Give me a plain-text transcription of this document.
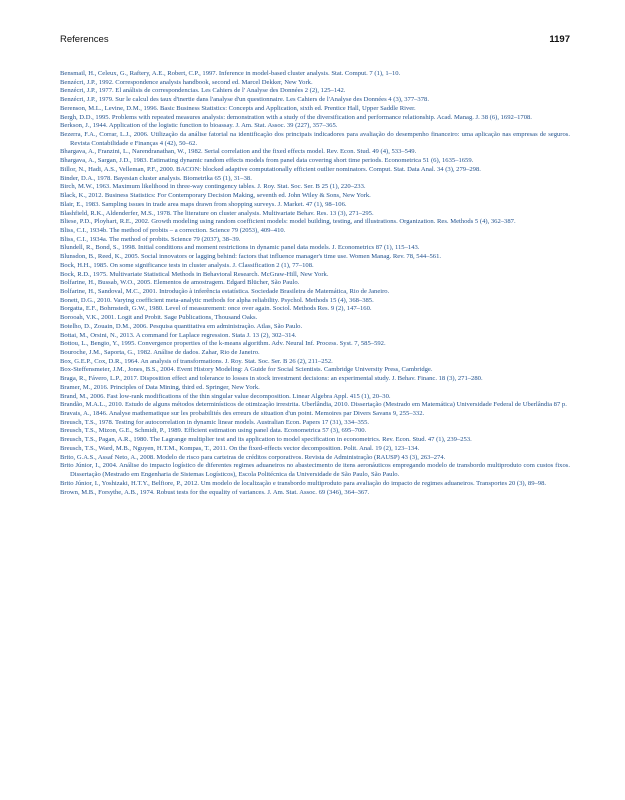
References	1197

Bensmail, H., Celeux, G., Raftery, A.E., Robert, C.P., 1997. Inference in model-based cluster analysis. Stat. Comput. 7 (1), 1–10.

Benzécri, J.P., 1992. Correspondence analysis handbook, second ed. Marcel Dekker, New York.

Benzécri, J.P., 1977. El análisis de correspondencias. Les Cahiers de l' Analyse des Données 2 (2), 125–142.

Benzécri, J.P., 1979. Sur le calcul des taux d'inertie dans l'analyse d'un questionnaire. Les Cahiers de l'Analyse des Données 4 (3), 377–378.

Berenson, M.L., Levine, D.M., 1996. Basic Business Statistics: Concepts and Application, sixth ed. Prentice Hall, Upper Saddle River.

Bergh, D.D., 1995. Problems with repeated measures analysis: demonstration with a study of the diversification and performance relationship. Acad. Manag. J. 38 (6), 1692–1708.

Berkson, J., 1944. Application of the logistic function to bioassay. J. Am. Stat. Assoc. 39 (227), 357–365.

Bezerra, F.A., Corrar, L.J., 2006. Utilização da análise fatorial na identificação dos principais indicadores para avaliação do desempenho financeiro: uma aplicação nas empresas de seguros. Revista Contabilidade e Finanças 4 (42), 50–62.

Bhargava, A., Franzini, L., Narendranathan, W., 1982. Serial correlation and the fixed effects model. Rev. Econ. Stud. 49 (4), 533–549.

Bhargava, A., Sargan, J.D., 1983. Estimating dynamic random effects models from panel data covering short time periods. Econometrica 51 (6), 1635–1659.

Billor, N., Hadi, A.S., Velleman, P.F., 2000. BACON: blocked adaptive computationally efficient outlier nominators. Comput. Stat. Data Anal. 34 (3), 279–298.

Binder, D.A., 1978. Bayesian cluster analysis. Biometrika 65 (1), 31–38.

Birch, M.W., 1963. Maximum likelihood in three-way contingency tables. J. Roy. Stat. Soc. Ser. B 25 (1), 220–233.

Black, K., 2012. Business Statistics: For Contemporary Decision Making, seventh ed. John Wiley & Sons, New York.

Blair, E., 1983. Sampling issues in trade area maps drawn from shopping surveys. J. Market. 47 (1), 98–106.

Blashfield, R.K., Aldenderfer, M.S., 1978. The literature on cluster analysis. Multivariate Behav. Res. 13 (3), 271–295.

Bliese, P.D., Ployhart, R.E., 2002. Growth modeling using random coefficient models: model building, testing, and illustrations. Organization. Res. Methods 5 (4), 362–387.

Bliss, C.I., 1934b. The method of probits – a correction. Science 79 (2053), 409–410.

Bliss, C.I., 1934a. The method of probits. Science 79 (2037), 38–39.

Blundell, R., Bond, S., 1998. Initial conditions and moment restrictions in dynamic panel data models. J. Econometrics 87 (1), 115–143.

Blunsdon, B., Reed, K., 2005. Social innovators or lagging behind: factors that influence manager's time use. Women Manag. Rev. 78, 544–561.

Bock, H.H., 1985. On some significance tests in cluster analysis. J. Classification 2 (1), 77–108.

Bock, R.D., 1975. Multivariate Statistical Methods in Behavioral Research. McGraw-Hill, New York.

Bolfarine, H., Bussab, W.O., 2005. Elementos de amostragem. Edgard Blücher, São Paulo.

Bolfarine, H., Sandoval, M.C., 2001. Introdução à inferência estatística. Sociedade Brasileira de Matemática, Rio de Janeiro.

Bonett, D.G., 2010. Varying coefficient meta-analytic methods for alpha reliability. Psychol. Methods 15 (4), 368–385.

Borgatta, E.F., Bohrnstedt, G.W., 1980. Level of measurement: once over again. Sociol. Methods Res. 9 (2), 147–160.

Borooah, V.K., 2001. Logit and Probit. Sage Publications, Thousand Oaks.

Botelho, D., Zouain, D.M., 2006. Pesquisa quantitativa em administração. Atlas, São Paulo.

Bottai, M., Orsini, N., 2013. A command for Laplace regression. Stata J. 13 (2), 302–314.

Bottou, L., Bengio, Y., 1995. Convergence properties of the k-means algorithm. Adv. Neural Inf. Process. Syst. 7, 585–592.

Bouroche, J.M., Saporta, G., 1982. Análise de dados. Zahar, Rio de Janeiro.

Box, G.E.P., Cox, D.R., 1964. An analysis of transformations. J. Roy. Stat. Soc. Ser. B 26 (2), 211–252.

Box-Steffensmeier, J.M., Jones, B.S., 2004. Event History Modeling: A Guide for Social Scientists. Cambridge University Press, Cambridge.

Braga, R., Fávero, L.P., 2017. Disposition effect and tolerance to losses in stock investment decisions: an experimental study. J. Behav. Financ. 18 (3), 271–280.

Bramer, M., 2016. Principles of Data Mining, third ed. Springer, New York.

Brand, M., 2006. Fast low-rank modifications of the thin singular value decomposition. Linear Algebra Appl. 415 (1), 20–30.

Brandão, M.A.L., 2010. Estudo de alguns métodos determinísticos de otimização irrestrita. Uberlândia, 2010. Dissertação (Mestrado em Matemática) Universidade Federal de Uberlândia 87 p.

Bravais, A., 1846. Analyse mathematique sur les probabilités des erreurs de situation d'un point. Memoires par Divers Savans 9, 255–332.

Breusch, T.S., 1978. Testing for autocorrelation in dynamic linear models. Australian Econ. Papers 17 (31), 334–355.

Breusch, T.S., Mizon, G.E., Schmidt, P., 1989. Efficient estimation using panel data. Econometrica 57 (3), 695–700.

Breusch, T.S., Pagan, A.R., 1980. The Lagrange multiplier test and its application to model specification in econometrics. Rev. Econ. Stud. 47 (1), 239–253.

Breusch, T.S., Ward, M.B., Nguyen, H.T.M., Kompas, T., 2011. On the fixed-effects vector decomposition. Polit. Anal. 19 (2), 123–134.

Brito, G.A.S., Assaf Neto, A., 2008. Modelo de risco para carteiras de créditos corporativos. Revista de Administração (RAUSP) 43 (3), 263–274.

Brito Júnior, I., 2004. Análise do impacto logístico de diferentes regimes aduaneiros no abastecimento de itens aeronáuticos empregando modelo de transbordo multiproduto com custos fixos. Dissertação (Mestrado em Engenharia de Sistemas Logísticos), Escola Politécnica da Universidade de São Paulo, São Paulo.

Brito Júnior, I., Yoshizaki, H.T.Y., Belfiore, P., 2012. Um modelo de localização e transbordo multiproduto para avaliação do impacto de regimes aduaneiros. Transportes 20 (3), 89–98.

Brown, M.B., Forsythe, A.B., 1974. Robust tests for the equality of variances. J. Am. Stat. Assoc. 69 (346), 364–367.
